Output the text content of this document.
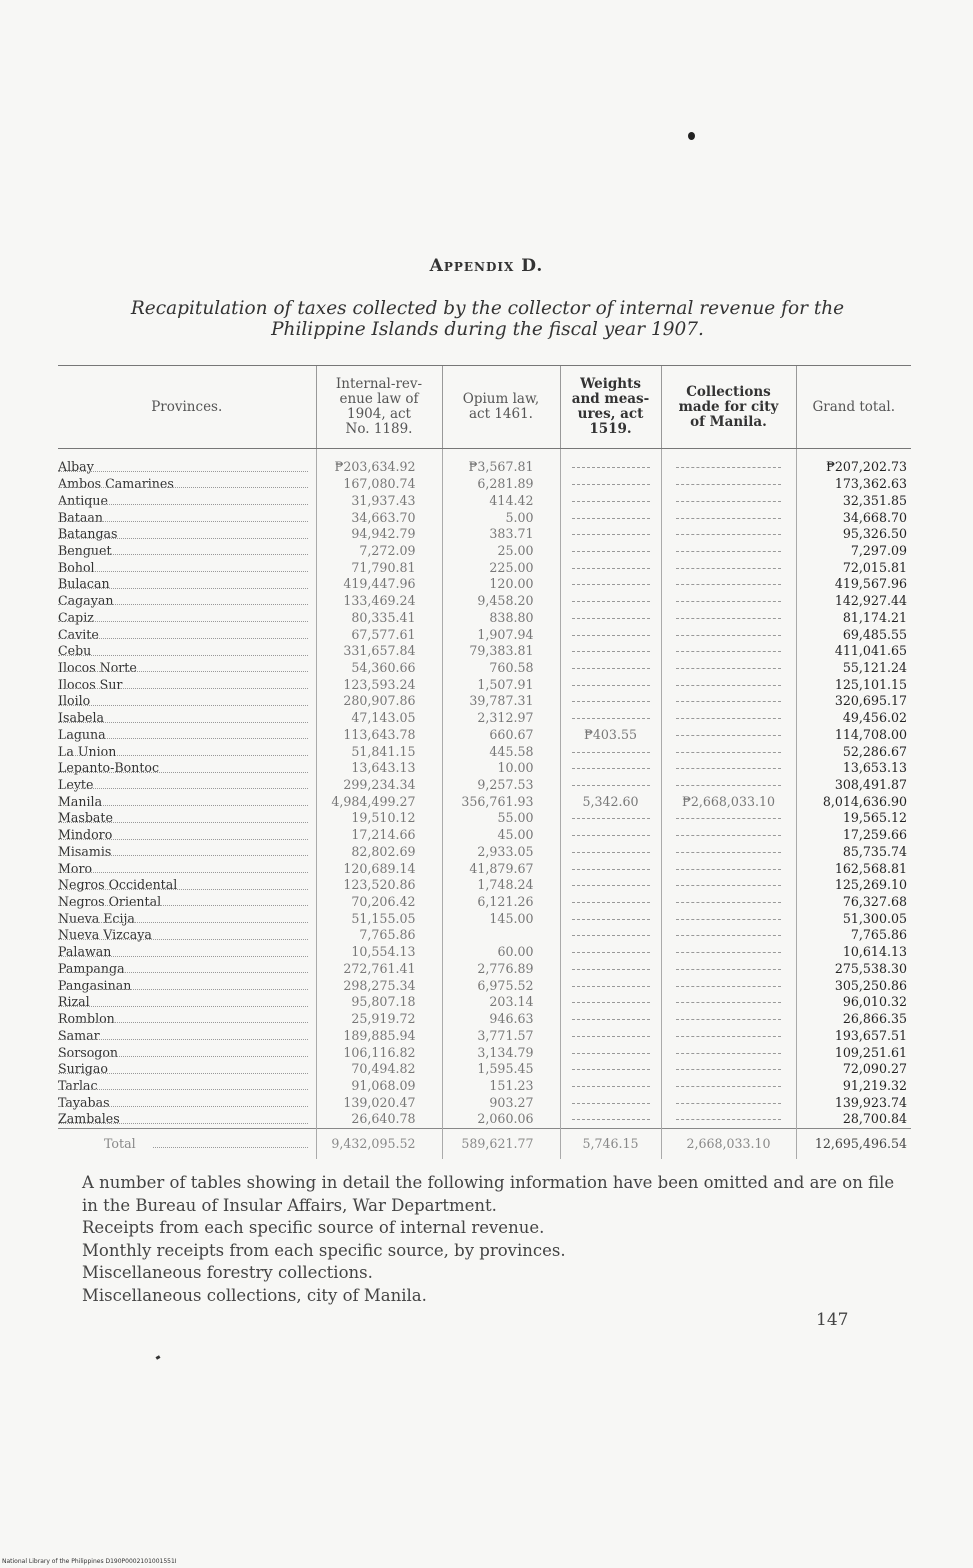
Appendix D.
Recapitulation of taxes collected by the collector of internal revenue for the
Philippine Islands during the fiscal year 1907.
Provinces.	Internal-rev-
enue law of
1904, act
No. 1189.	Opium law,
act 1461.	Weights
and meas-
ures, act
1519.	Collections
made for city
of Manila.	Grand total.
Albay	₱203,634.92	₱3,567.81			₱207,202.73
Ambos Camarines	167,080.74	6,281.89			173,362.63
Antique	31,937.43	414.42			32,351.85
Bataan	34,663.70	5.00			34,668.70
Batangas	94,942.79	383.71			95,326.50
Benguet	7,272.09	25.00			7,297.09
Bohol	71,790.81	225.00			72,015.81
Bulacan	419,447.96	120.00			419,567.96
Cagayan	133,469.24	9,458.20			142,927.44
Capiz	80,335.41	838.80			81,174.21
Cavite	67,577.61	1,907.94			69,485.55
Cebu	331,657.84	79,383.81			411,041.65
Ilocos Norte	54,360.66	760.58			55,121.24
Ilocos Sur	123,593.24	1,507.91			125,101.15
Iloilo	280,907.86	39,787.31			320,695.17
Isabela	47,143.05	2,312.97			49,456.02
Laguna	113,643.78	660.67	₱403.55		114,708.00
La Union	51,841.15	445.58			52,286.67
Lepanto-Bontoc	13,643.13	10.00			13,653.13
Leyte	299,234.34	9,257.53			308,491.87
Manila	4,984,499.27	356,761.93	5,342.60	₱2,668,033.10	8,014,636.90
Masbate	19,510.12	55.00			19,565.12
Mindoro	17,214.66	45.00			17,259.66
Misamis	82,802.69	2,933.05			85,735.74
Moro	120,689.14	41,879.67			162,568.81
Negros Occidental	123,520.86	1,748.24			125,269.10
Negros Oriental	70,206.42	6,121.26			76,327.68
Nueva Ecija	51,155.05	145.00			51,300.05
Nueva Vizcaya	7,765.86				7,765.86
Palawan	10,554.13	60.00			10,614.13
Pampanga	272,761.41	2,776.89			275,538.30
Pangasinan	298,275.34	6,975.52			305,250.86
Rizal	95,807.18	203.14			96,010.32
Romblon	25,919.72	946.63			26,866.35
Samar	189,885.94	3,771.57			193,657.51
Sorsogon	106,116.82	3,134.79			109,251.61
Surigao	70,494.82	1,595.45			72,090.27
Tarlac	91,068.09	151.23			91,219.32
Tayabas	139,020.47	903.27			139,923.74
Zambales	26,640.78	2,060.06			28,700.84
Total	9,432,095.52	589,621.77	5,746.15	2,668,033.10	12,695,496.54

A number of tables showing in detail the following information have been omitted and are on file in the Bureau of Insular Affairs, War Department.

Receipts from each specific source of internal revenue.

Monthly receipts from each specific source, by provinces.

Miscellaneous forestry collections.

Miscellaneous collections, city of Manila.

147
National Library of the Philippines D190P0002101001551I
